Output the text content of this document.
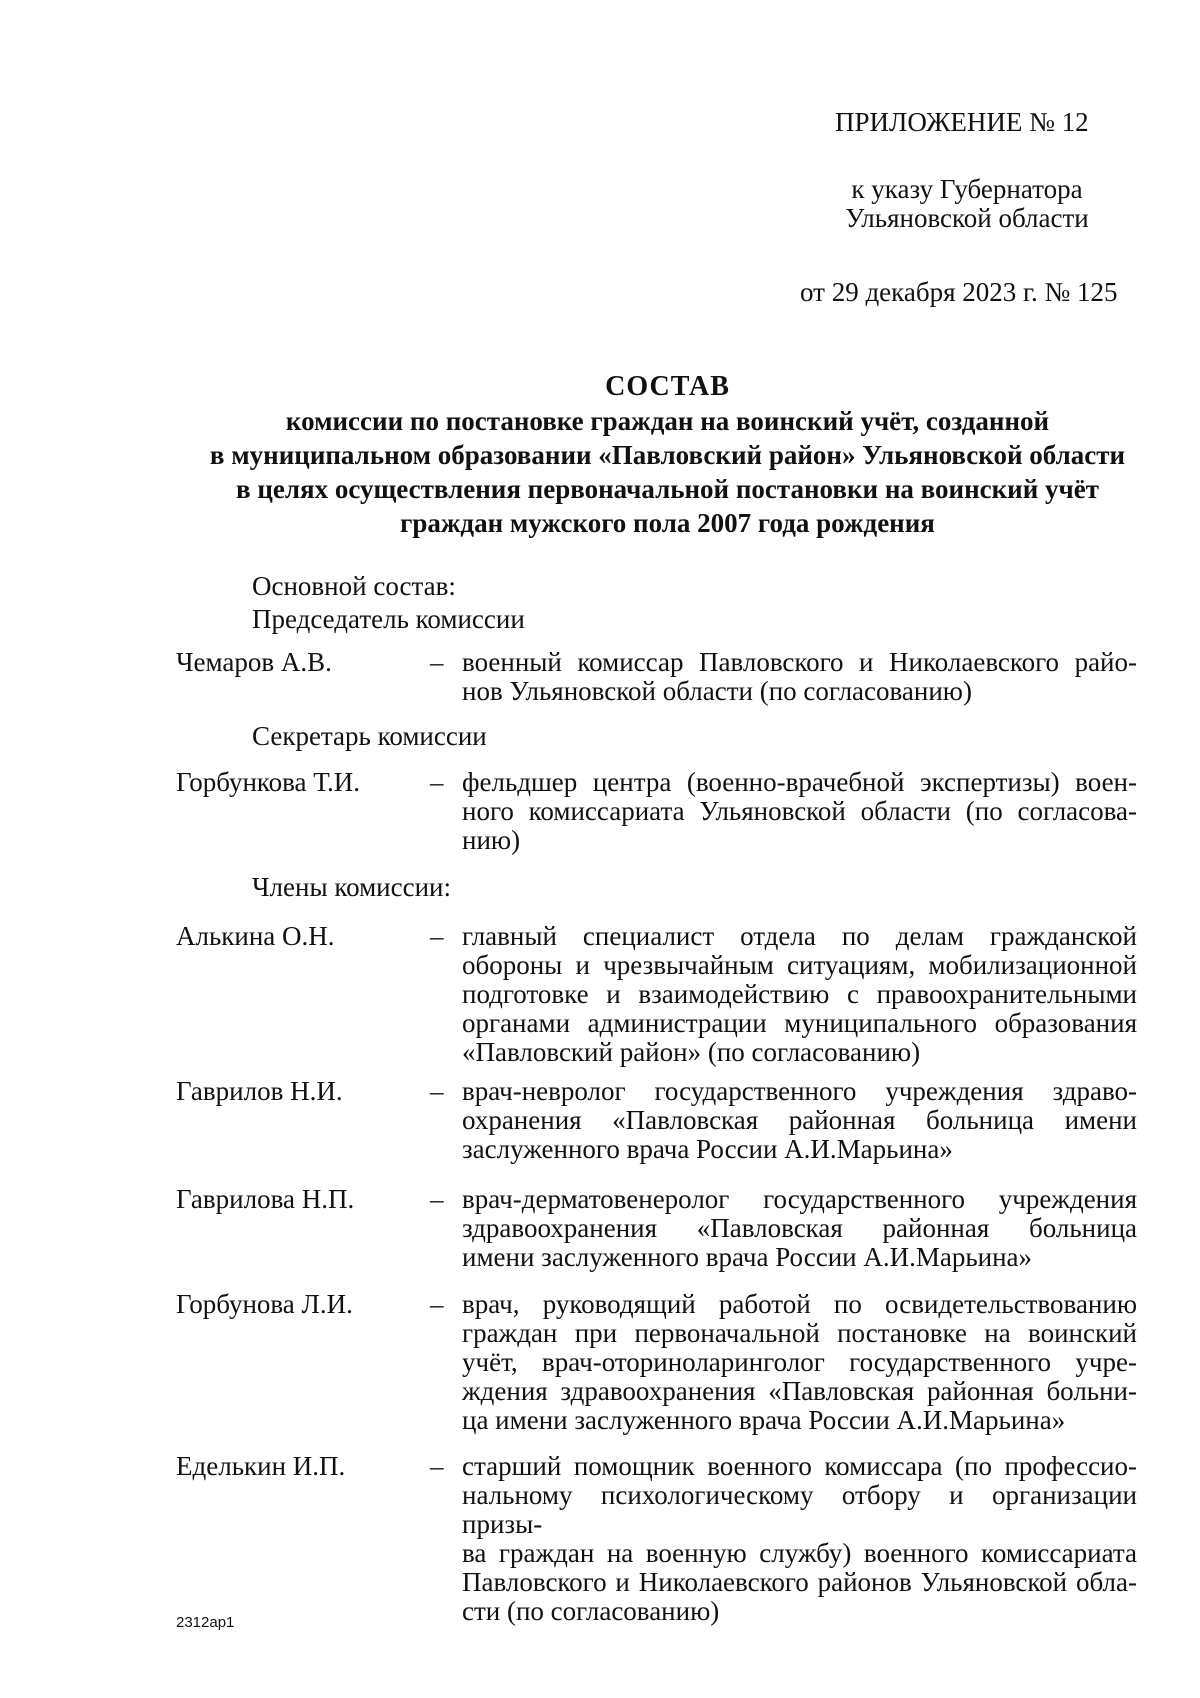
ПРИЛОЖЕНИЕ № 12
к указу Губернатора
Ульяновской области
от 29 декабря 2023 г. № 125
СОСТАВ
комиссии по постановке граждан на воинский учёт, созданной
в муниципальном образовании «Павловский район» Ульяновской области
в целях осуществления первоначальной постановки на воинский учёт
граждан мужского пола 2007 года рождения
Основной состав:
Председатель комиссии
Чемаров А.В.	– военный комиссар Павловского и Николаевского райо-
нов Ульяновской области (по согласованию)
Секретарь комиссии
Горбункова Т.И.	– фельдшер центра (военно-врачебной экспертизы) воен-
ного комиссариата Ульяновской области (по согласова-
нию)
Члены комиссии:
Алькина О.Н.	– главный специалист отдела по делам гражданской
обороны и чрезвычайным ситуациям, мобилизационной
подготовке и взаимодействию с правоохранительными
органами администрации муниципального образования
«Павловский район» (по согласованию)
Гаврилов Н.И.	– врач-невролог государственного учреждения здраво-
охранения «Павловская районная больница имени
заслуженного врача России А.И.Марьина»
Гаврилова Н.П.	– врач-дерматовенеролог государственного учреждения
здравоохранения «Павловская районная больница
имени заслуженного врача России А.И.Марьина»
Горбунова Л.И.	– врач, руководящий работой по освидетельствованию
граждан при первоначальной постановке на воинский
учёт, врач-оториноларинголог государственного учре-
ждения здравоохранения «Павловская районная больни-
ца имени заслуженного врача России А.И.Марьина»
Еделькин И.П.	– старший помощник военного комиссара (по профессио-
нальному психологическому отбору и организации призы-
ва граждан на военную службу) военного комиссариата
Павловского и Николаевского районов Ульяновской обла-
сти (по согласованию)
2312ap1
